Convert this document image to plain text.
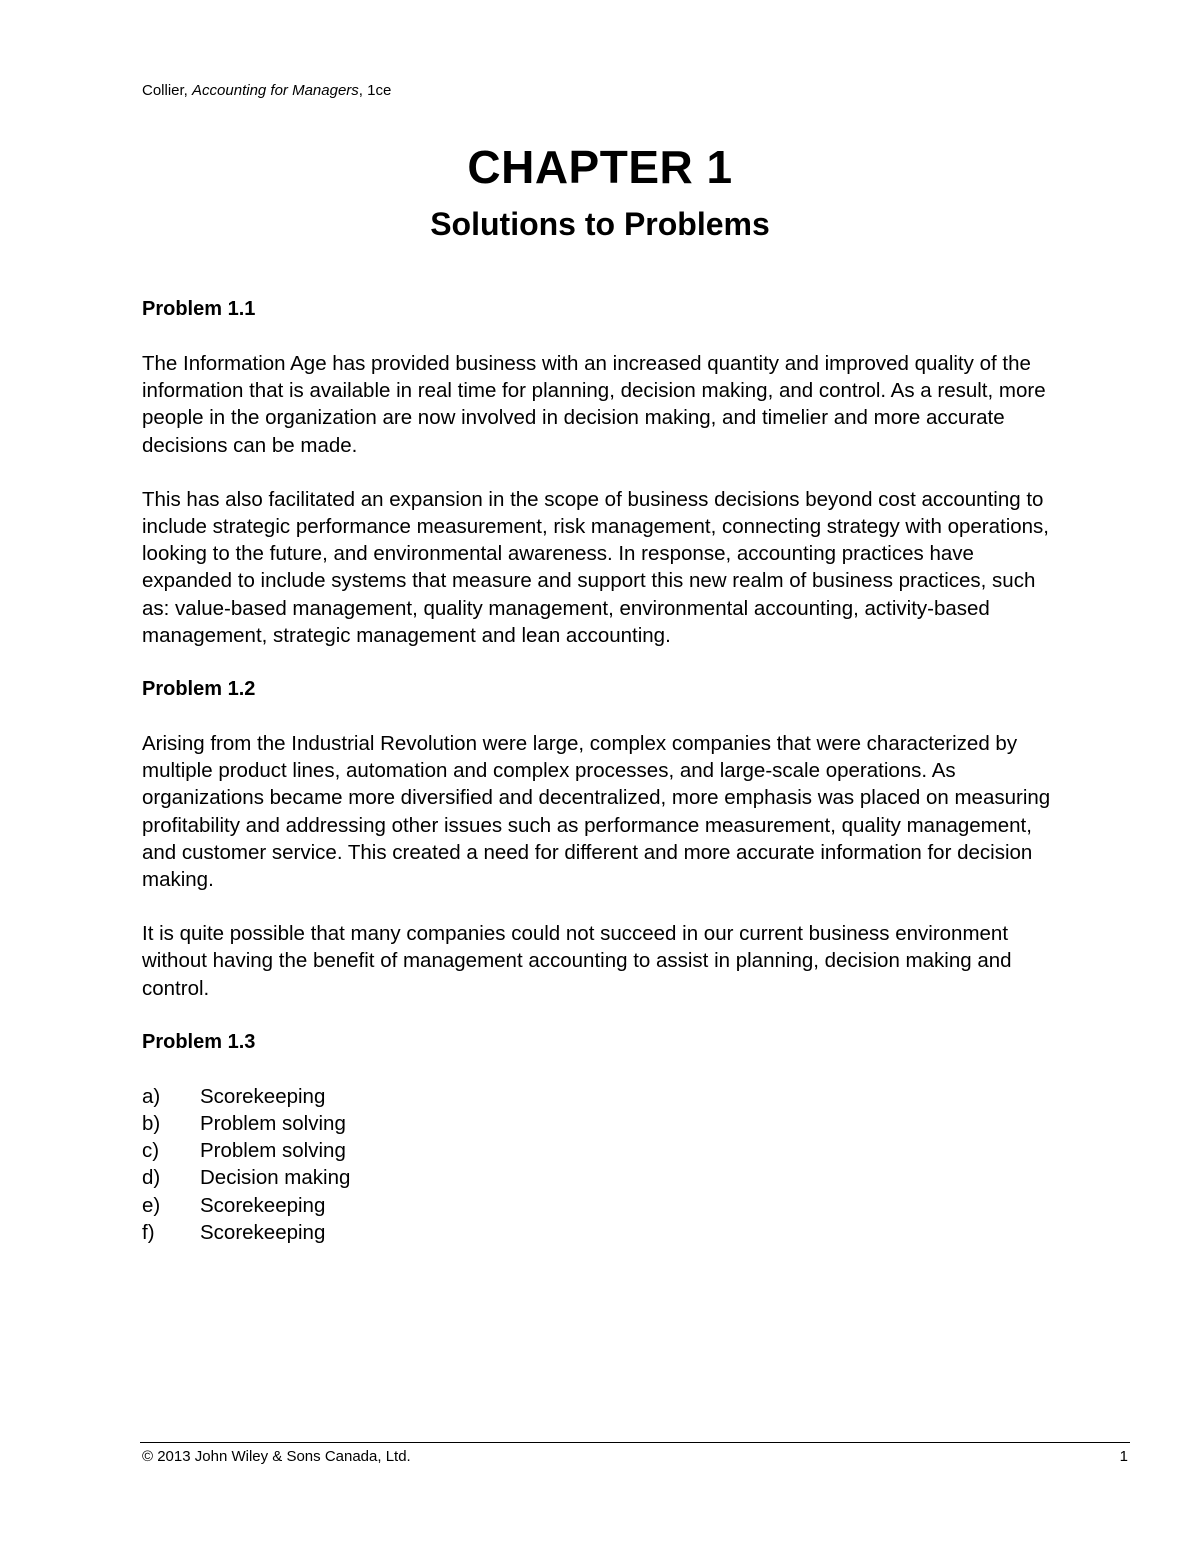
Collier, Accounting for Managers, 1ce
CHAPTER 1
Solutions to Problems
Problem 1.1

The Information Age has provided business with an increased quantity and improved quality of the information that is available in real time for planning, decision making, and control. As a result, more people in the organization are now involved in decision making, and timelier and more accurate decisions can be made.

This has also facilitated an expansion in the scope of business decisions beyond cost accounting to include strategic performance measurement, risk management, connecting strategy with operations, looking to the future, and environmental awareness. In response, accounting practices have expanded to include systems that measure and support this new realm of business practices, such as: value-based management, quality management, environmental accounting, activity-based management, strategic management and lean accounting.

Problem 1.2

Arising from the Industrial Revolution were large, complex companies that were characterized by multiple product lines, automation and complex processes, and large-scale operations. As organizations became more diversified and decentralized, more emphasis was placed on measuring profitability and addressing other issues such as performance measurement, quality management, and customer service. This created a need for different and more accurate information for decision making.

It is quite possible that many companies could not succeed in our current business environment without having the benefit of management accounting to assist in planning, decision making and control.

Problem 1.3
a)	Scorekeeping
b)	Problem solving
c)	Problem solving
d)	Decision making
e)	Scorekeeping
f)	Scorekeeping
© 2013 John Wiley & Sons Canada, Ltd.	1
